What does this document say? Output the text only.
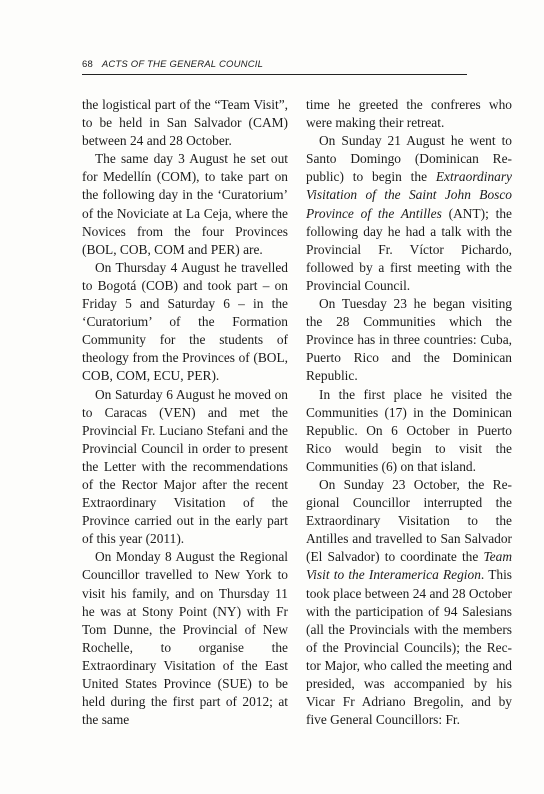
68 ACTS OF THE GENERAL COUNCIL

the logistical part of the “Team Visit”, to be held in San Salvador (CAM) between 24 and 28 October.

The same day 3 August he set out for Medellín (COM), to take part on the following day in the ‘Curatorium’ of the Noviciate at La Ceja, where the Novices from the four Provinces (BOL, COB, COM and PER) are.

On Thursday 4 August he travelled to Bogotá (COB) and took part – on Friday 5 and Saturday 6 – in the ‘Curatorium’ of the Formation Community for the students of theology from the Provinces of (BOL, COB, COM, ECU, PER).

On Saturday 6 August he moved on to Caracas (VEN) and met the Provincial Fr. Luciano Stefani and the Provincial Council in order to present the Letter with the recommendations of the Rector Major after the recent Extraordinary Visitation of the Province carried out in the early part of this year (2011).

On Monday 8 August the Regional Councillor travelled to New York to visit his family, and on Thursday 11 he was at Stony Point (NY) with Fr Tom Dunne, the Provincial of New Rochelle, to organise the Extraordinary Visitation of the East United States Province (SUE) to be held during the first part of 2012; at the same

time he greeted the confreres who were making their retreat.

On Sunday 21 August he went to Santo Domingo (Dominican Republic) to begin the Extraordinary Visitation of the Saint John Bosco Province of the Antilles (ANT); the following day he had a talk with the Provincial Fr. Víctor Pichardo, followed by a first meeting with the Provincial Council.

On Tuesday 23 he began visiting the 28 Communities which the Province has in three countries: Cuba, Puerto Rico and the Dominican Republic.

In the first place he visited the Communities (17) in the Dominican Republic. On 6 October in Puerto Rico would begin to visit the Communities (6) on that island.

On Sunday 23 October, the Regional Councillor interrupted the Extraordinary Visitation to the Antilles and travelled to San Salvador (El Salvador) to coordinate the Team Visit to the Interamerica Region. This took place between 24 and 28 October with the participation of 94 Salesians (all the Provincials with the members of the Provincial Councils); the Rector Major, who called the meeting and presided, was accompanied by his Vicar Fr Adriano Bregolin, and by five General Councillors: Fr.
